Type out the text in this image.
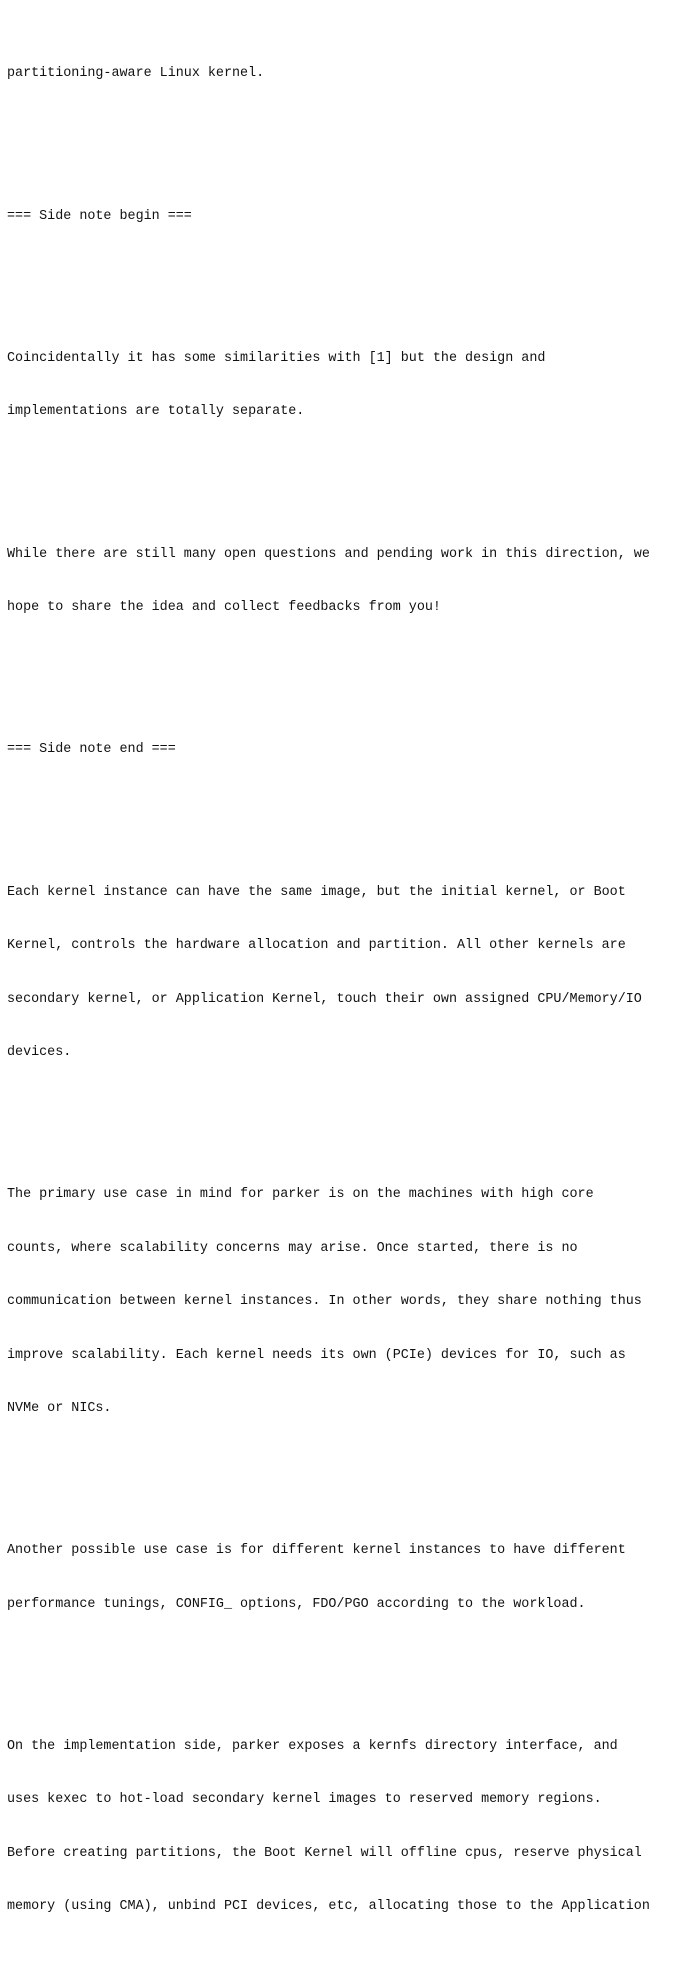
partitioning-aware Linux kernel.

=== Side note begin ===

Coincidentally it has some similarities with [1] but the design and

implementations are totally separate.

While there are still many open questions and pending work in this direction, we

hope to share the idea and collect feedbacks from you!

=== Side note end ===

Each kernel instance can have the same image, but the initial kernel, or Boot

Kernel, controls the hardware allocation and partition. All other kernels are

secondary kernel, or Application Kernel, touch their own assigned CPU/Memory/IO

devices.

The primary use case in mind for parker is on the machines with high core

counts, where scalability concerns may arise. Once started, there is no

communication between kernel instances. In other words, they share nothing thus

improve scalability. Each kernel needs its own (PCIe) devices for IO, such as

NVMe or NICs.

Another possible use case is for different kernel instances to have different

performance tunings, CONFIG_ options, FDO/PGO according to the workload.

On the implementation side, parker exposes a kernfs directory interface, and

uses kexec to hot-load secondary kernel images to reserved memory regions.

Before creating partitions, the Boot Kernel will offline cpus, reserve physical

memory (using CMA), unbind PCI devices, etc, allocating those to the Application
